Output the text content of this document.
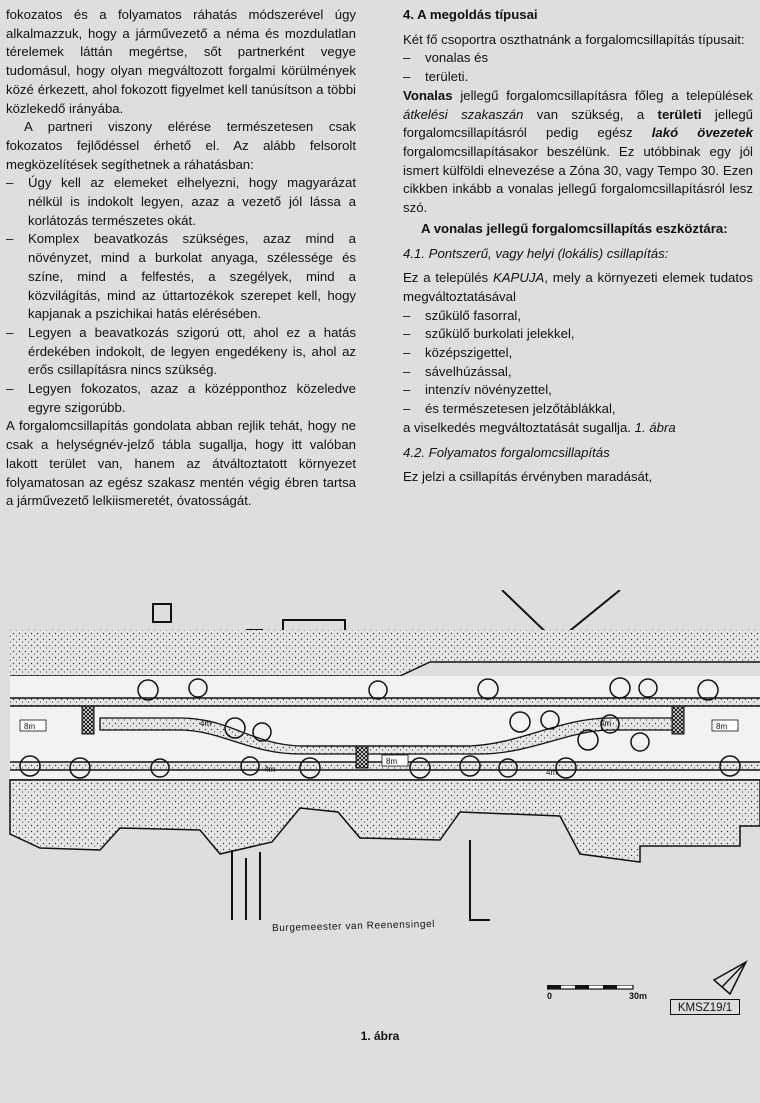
fokozatos és a folyamatos ráhatás módszerével úgy alkalmazzuk, hogy a járművezető a néma és mozdulatlan térelemek láttán megértse, sőt partnerként vegye tudomásul, hogy olyan megváltozott forgalmi körülmények közé érkezett, ahol fokozott figyelmet kell tanúsítson a többi közlekedő irányába.

A partneri viszony elérése természetesen csak fokozatos fejlődéssel érhető el. Az alább felsorolt megközelítések segíthetnek a ráhatásban:

–	Úgy kell az elemeket elhelyezni, hogy magyarázat nélkül is indokolt legyen, azaz a vezető jól lássa a korlátozás természetes okát.
–	Komplex beavatkozás szükséges, azaz mind a növényzet, mind a burkolat anyaga, szélessége és színe, mind a felfestés, a szegélyek, mind a közvilágítás, mind az úttartozékok szerepet kell, hogy kapjanak a pszichikai hatás elérésében.
–	Legyen a beavatkozás szigorú ott, ahol ez a hatás érdekében indokolt, de legyen engedékeny is, ahol az erős csillapításra nincs szükség.
–	Legyen fokozatos, azaz a középponthoz közeledve egyre szigorúbb.

A forgalomcsillapítás gondolata abban rejlik tehát, hogy ne csak a helységnév-jelző tábla sugallja, hogy itt valóban lakott terület van, hanem az átváltoztatott környezet folyamatosan az egész szakasz mentén végig ébren tartsa a járművezető lelkiismeretét, óvatosságát.

4. A megoldás típusai

Két fő csoportra oszthatnánk a forgalomcsillapítás típusait:

–	vonalas és
–	területi.

Vonalas jellegű forgalomcsillapításra főleg a települések átkelési szakaszán van szükség, a területi jellegű forgalomcsillapításról pedig egész lakó övezetek forgalomcsillapításakor beszélünk. Ez utóbbinak egy jól ismert külföldi elnevezése a Zóna 30, vagy Tempo 30. Ezen cikkben inkább a vonalas jellegű forgalomcsillapításról lesz szó.

A vonalas jellegű forgalomcsillapítás eszköztára:

4.1. Pontszerű, vagy helyi (lokális) csillapítás:

Ez a település KAPUJA, mely a környezeti elemek tudatos megváltoztatásával

–	szűkülő fasorral,
–	szűkülő burkolati jelekkel,
–	középszigettel,
–	sávelhúzással,
–	intenzív növényzettel,
–	és természetesen jelzőtáblákkal,

a viselkedés megváltoztatását sugallja. 1. ábra

4.2. Folyamatos forgalomcsillapítás

Ez jelzi a csillapítás érvényben maradását,

8m	4m
4m
8m
4m
4m
8m
Burgemeester van Reenensingel
0	30m
KMSZ19/1
1. ábra
